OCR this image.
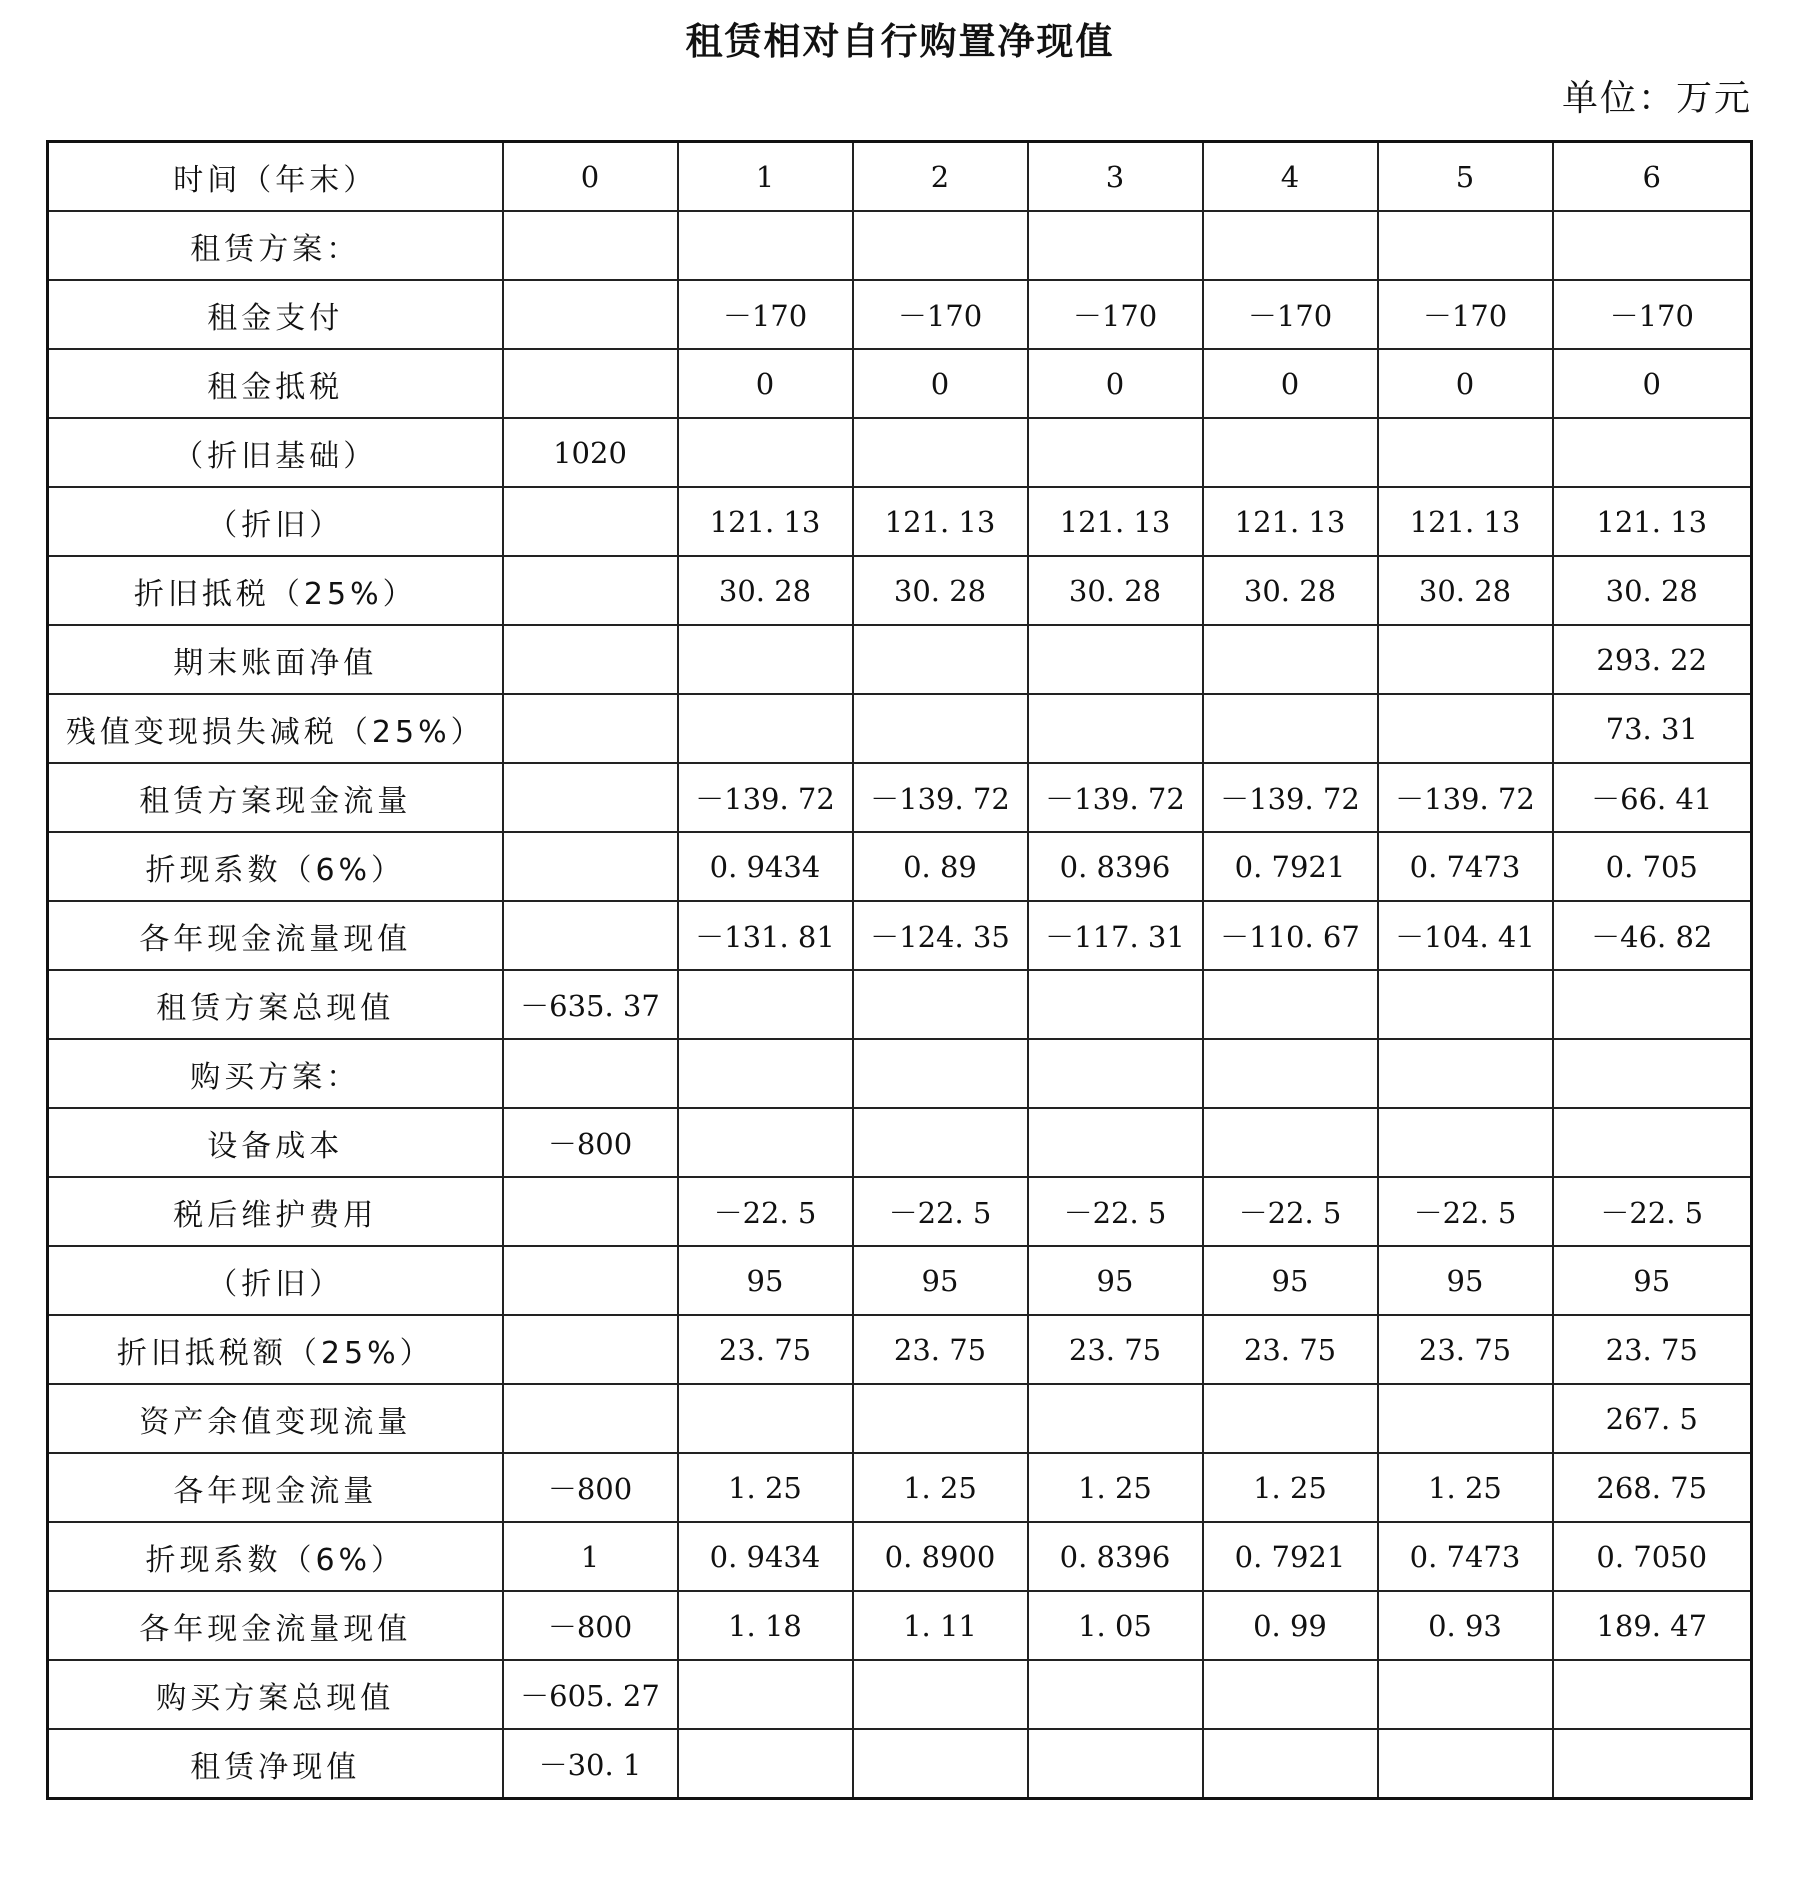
租赁相对自行购置净现值
单位：万元
时间（年末）	0	1	2	3	4	5	6
租赁方案：							
租金支付		－170	－170	－170	－170	－170	－170
租金抵税		0	0	0	0	0	0
（折旧基础）	1020						
（折旧）		121. 13	121. 13	121. 13	121. 13	121. 13	121. 13
折旧抵税（25%）		30. 28	30. 28	30. 28	30. 28	30. 28	30. 28
期末账面净值							293. 22
残值变现损失减税（25%）							73. 31
租赁方案现金流量		－139. 72	－139. 72	－139. 72	－139. 72	－139. 72	－66. 41
折现系数（6%）		0. 9434	0. 89	0. 8396	0. 7921	0. 7473	0. 705
各年现金流量现值		－131. 81	－124. 35	－117. 31	－110. 67	－104. 41	－46. 82
租赁方案总现值	－635. 37						
购买方案：							
设备成本	－800						
税后维护费用		－22. 5	－22. 5	－22. 5	－22. 5	－22. 5	－22. 5
（折旧）		95	95	95	95	95	95
折旧抵税额（25%）		23. 75	23. 75	23. 75	23. 75	23. 75	23. 75
资产余值变现流量							267. 5
各年现金流量	－800	1. 25	1. 25	1. 25	1. 25	1. 25	268. 75
折现系数（6%）	1	0. 9434	0. 8900	0. 8396	0. 7921	0. 7473	0. 7050
各年现金流量现值	－800	1. 18	1. 11	1. 05	0. 99	0. 93	189. 47
购买方案总现值	－605. 27						
租赁净现值	－30. 1						
